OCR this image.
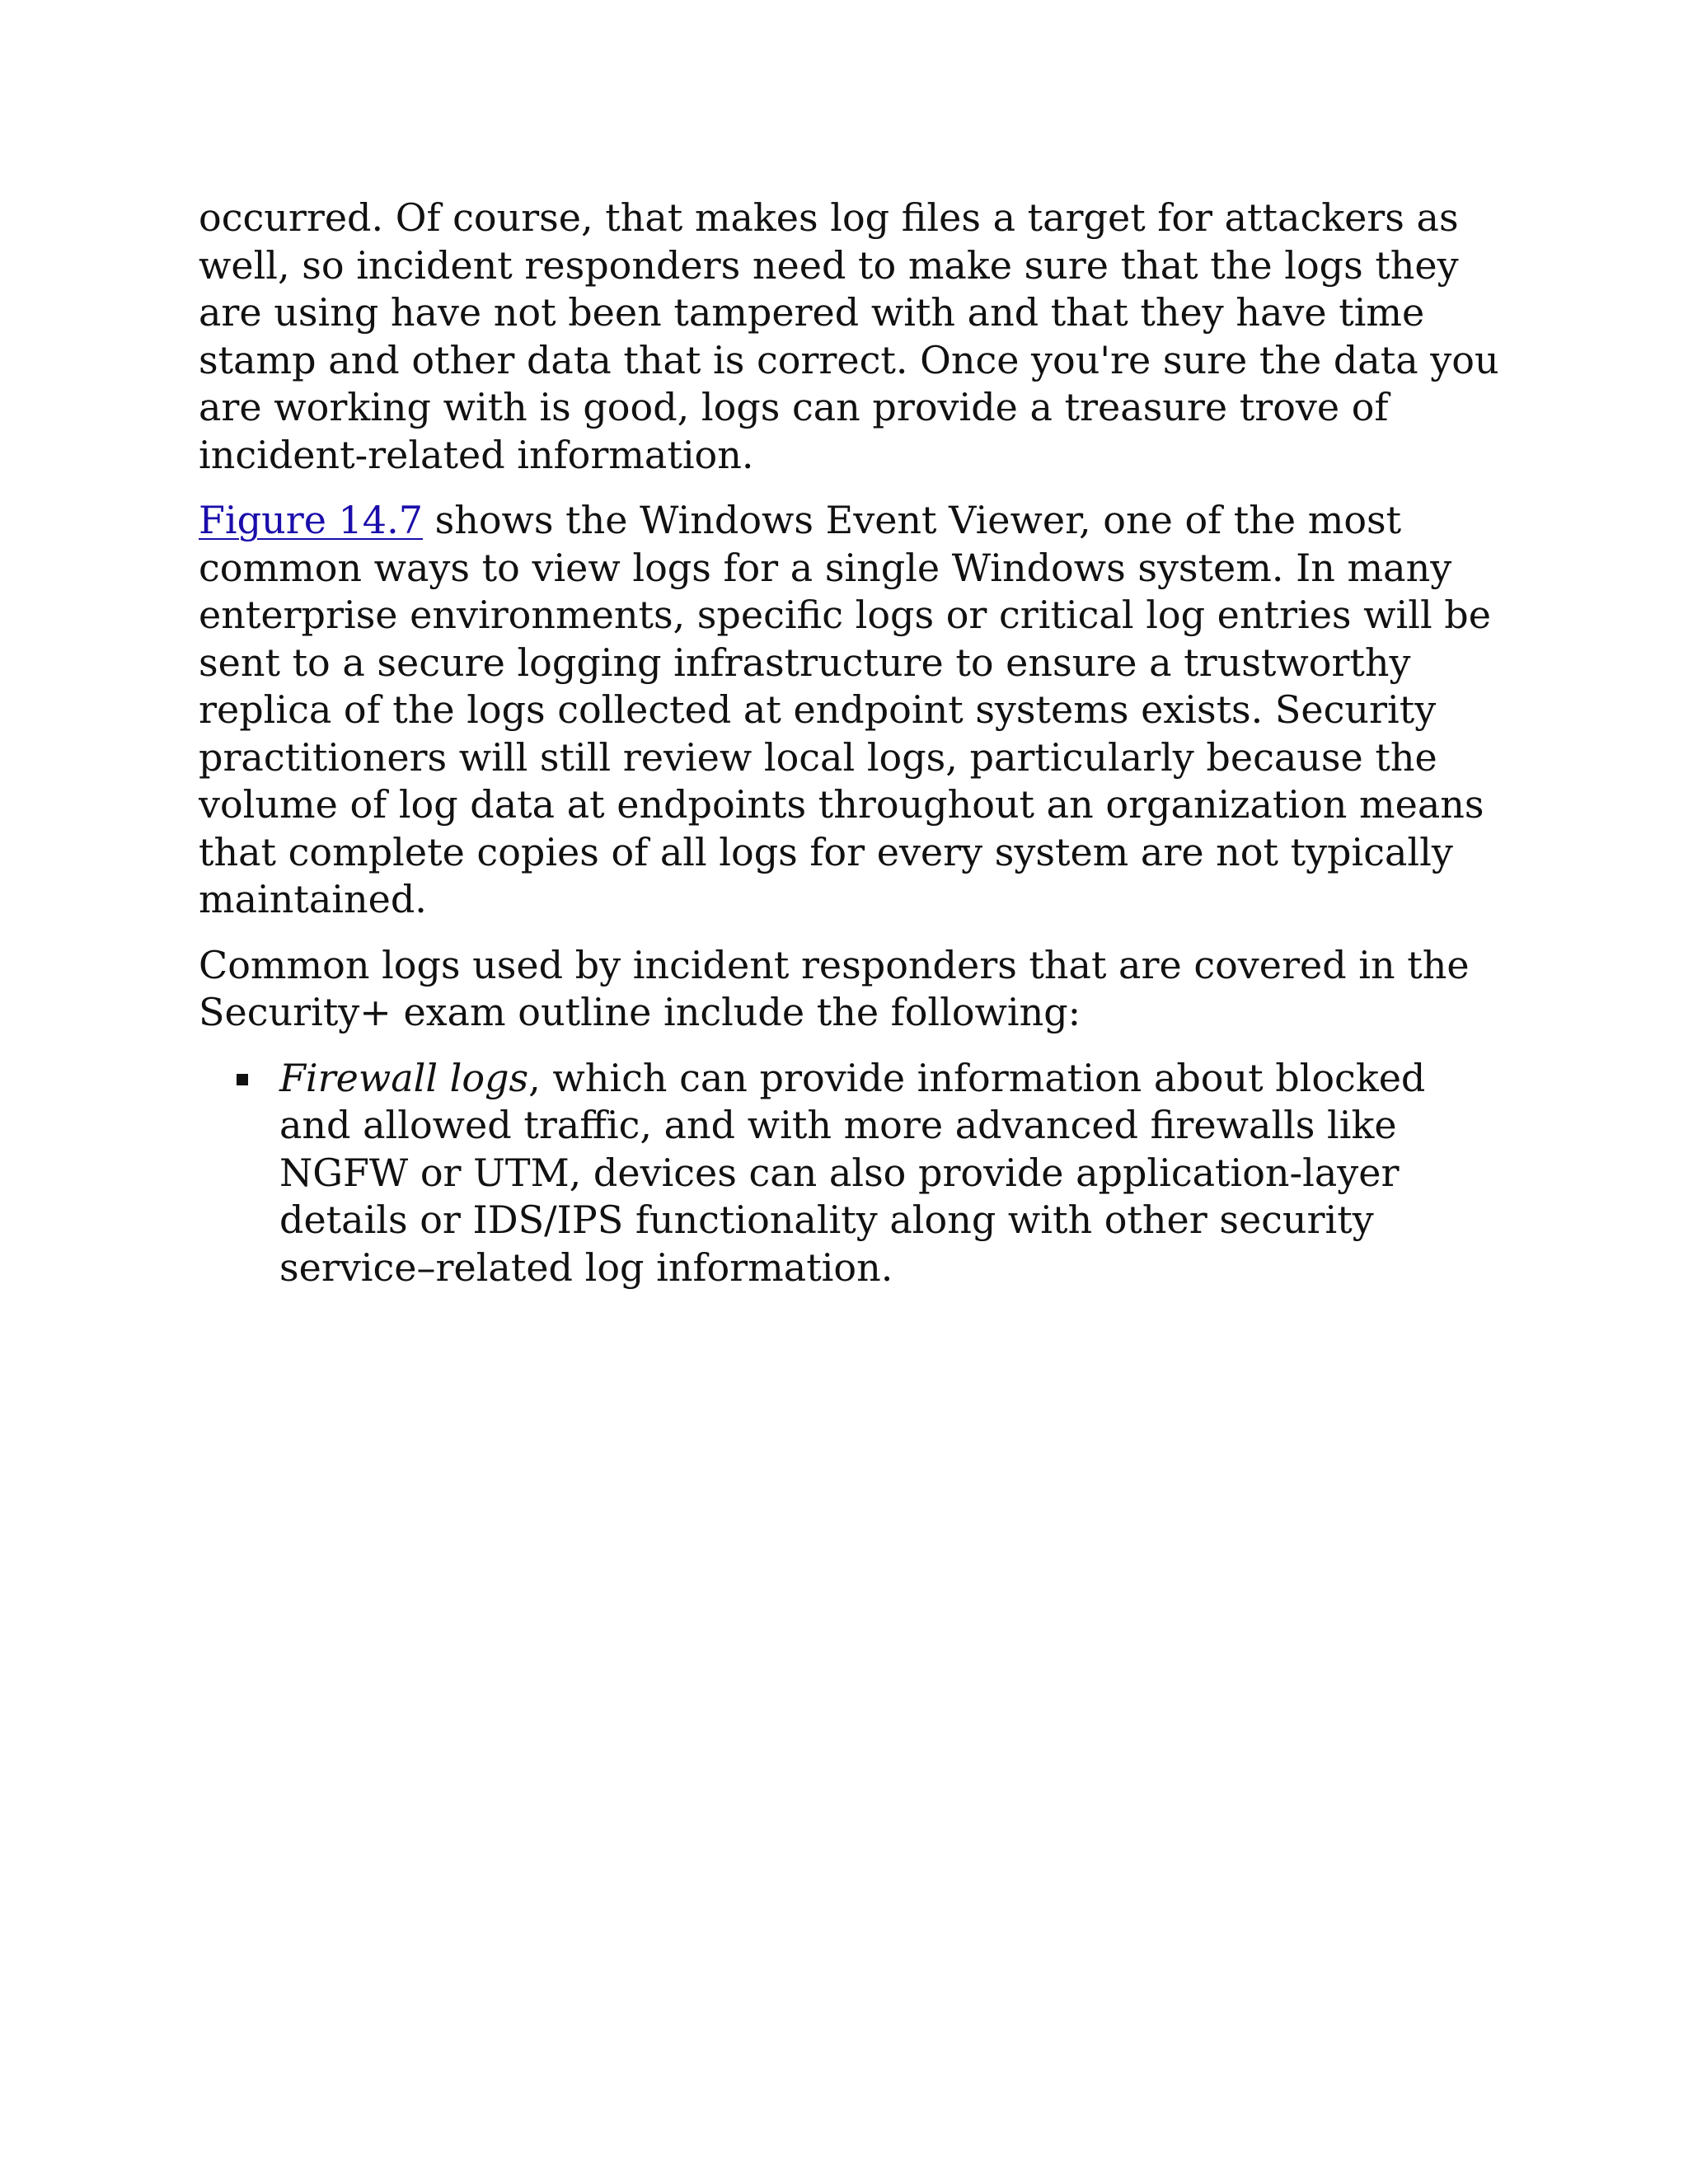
occurred. Of course, that makes log files a target for attackers as well, so incident responders need to make sure that the logs they are using have not been tampered with and that they have time stamp and other data that is correct. Once you're sure the data you are working with is good, logs can provide a treasure trove of incident-related information.

Figure 14.7 shows the Windows Event Viewer, one of the most common ways to view logs for a single Windows system. In many enterprise environments, specific logs or critical log entries will be sent to a secure logging infrastructure to ensure a trustworthy replica of the logs collected at endpoint systems exists. Security practitioners will still review local logs, particularly because the volume of log data at endpoints throughout an organization means that complete copies of all logs for every system are not typically maintained.

Common logs used by incident responders that are covered in the Security+ exam outline include the following:

Firewall logs, which can provide information about blocked and allowed traffic, and with more advanced firewalls like NGFW or UTM, devices can also provide application-layer details or IDS/IPS functionality along with other security service–related log information.
